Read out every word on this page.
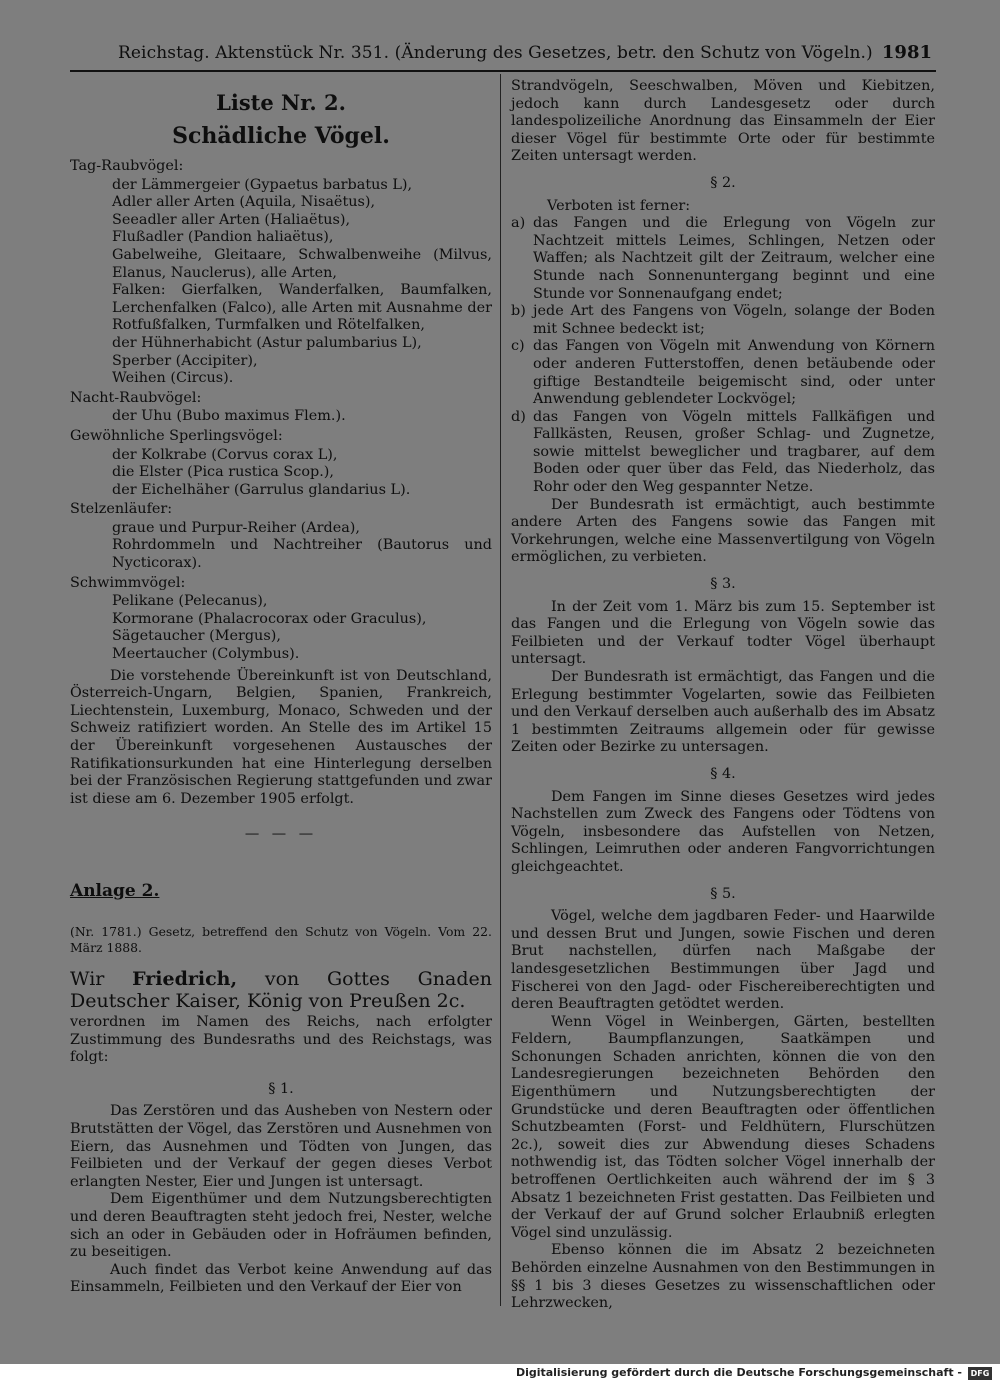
Reichstag. Aktenstück Nr. 351. (Änderung des Gesetzes, betr. den Schutz von Vögeln.) 1981
Liste Nr. 2.
Schädliche Vögel.
Tag-Raubvögel:
der Lämmergeier (Gypaetus barbatus L),
Adler aller Arten (Aquila, Nisaëtus),
Seeadler aller Arten (Haliaëtus),
Flußadler (Pandion haliaëtus),
Gabelweihe, Gleitaare, Schwalbenweihe (Milvus, Elanus, Nauclerus), alle Arten,
Falken: Gierfalken, Wanderfalken, Baumfalken, Lerchenfalken (Falco), alle Arten mit Ausnahme der Rotfußfalken, Turmfalken und Rötelfalken,
der Hühnerhabicht (Astur palumbarius L),
Sperber (Accipiter),
Weihen (Circus).
Nacht-Raubvögel:
der Uhu (Bubo maximus Flem.).
Gewöhnliche Sperlingsvögel:
der Kolkrabe (Corvus corax L),
die Elster (Pica rustica Scop.),
der Eichelhäher (Garrulus glandarius L).
Stelzenläufer:
graue und Purpur-Reiher (Ardea),
Rohrdommeln und Nachtreiher (Bautorus und Nycticorax).
Schwimmvögel:
Pelikane (Pelecanus),
Kormorane (Phalacrocorax oder Graculus),
Sägetaucher (Mergus),
Meertaucher (Colymbus).
Die vorstehende Übereinkunft ist von Deutschland, Österreich-Ungarn, Belgien, Spanien, Frankreich, Liechtenstein, Luxemburg, Monaco, Schweden und der Schweiz ratifiziert worden. An Stelle des im Artikel 15 der Übereinkunft vorgesehenen Austausches der Ratifikationsurkunden hat eine Hinterlegung derselben bei der Französischen Regierung stattgefunden und zwar ist diese am 6. Dezember 1905 erfolgt.
— — —
Anlage 2.
(Nr. 1781.) Gesetz, betreffend den Schutz von Vögeln. Vom 22. März 1888.
Wir Friedrich, von Gottes Gnaden Deutscher Kaiser, König von Preußen 2c.
verordnen im Namen des Reichs, nach erfolgter Zustimmung des Bundesraths und des Reichstags, was folgt:
§ 1.
Das Zerstören und das Ausheben von Nestern oder Brutstätten der Vögel, das Zerstören und Ausnehmen von Eiern, das Ausnehmen und Tödten von Jungen, das Feilbieten und der Verkauf der gegen dieses Verbot erlangten Nester, Eier und Jungen ist untersagt.
Dem Eigenthümer und dem Nutzungsberechtigten und deren Beauftragten steht jedoch frei, Nester, welche sich an oder in Gebäuden oder in Hofräumen befinden, zu beseitigen.
Auch findet das Verbot keine Anwendung auf das Einsammeln, Feilbieten und den Verkauf der Eier von
Strandvögeln, Seeschwalben, Möven und Kiebitzen, jedoch kann durch Landesgesetz oder durch landespolizeiliche Anordnung das Einsammeln der Eier dieser Vögel für bestimmte Orte oder für bestimmte Zeiten untersagt werden.
§ 2.
Verboten ist ferner:
a) das Fangen und die Erlegung von Vögeln zur Nachtzeit mittels Leimes, Schlingen, Netzen oder Waffen; als Nachtzeit gilt der Zeitraum, welcher eine Stunde nach Sonnenuntergang beginnt und eine Stunde vor Sonnenaufgang endet;
b) jede Art des Fangens von Vögeln, solange der Boden mit Schnee bedeckt ist;
c) das Fangen von Vögeln mit Anwendung von Körnern oder anderen Futterstoffen, denen betäubende oder giftige Bestandteile beigemischt sind, oder unter Anwendung geblendeter Lockvögel;
d) das Fangen von Vögeln mittels Fallkäfigen und Fallkästen, Reusen, großer Schlag- und Zugnetze, sowie mittelst beweglicher und tragbarer, auf dem Boden oder quer über das Feld, das Niederholz, das Rohr oder den Weg gespannter Netze.
Der Bundesrath ist ermächtigt, auch bestimmte andere Arten des Fangens sowie das Fangen mit Vorkehrungen, welche eine Massenvertilgung von Vögeln ermöglichen, zu verbieten.
§ 3.
In der Zeit vom 1. März bis zum 15. September ist das Fangen und die Erlegung von Vögeln sowie das Feilbieten und der Verkauf todter Vögel überhaupt untersagt.
Der Bundesrath ist ermächtigt, das Fangen und die Erlegung bestimmter Vogelarten, sowie das Feilbieten und den Verkauf derselben auch außerhalb des im Absatz 1 bestimmten Zeitraums allgemein oder für gewisse Zeiten oder Bezirke zu untersagen.
§ 4.
Dem Fangen im Sinne dieses Gesetzes wird jedes Nachstellen zum Zweck des Fangens oder Tödtens von Vögeln, insbesondere das Aufstellen von Netzen, Schlingen, Leimruthen oder anderen Fangvorrichtungen gleichgeachtet.
§ 5.
Vögel, welche dem jagdbaren Feder- und Haarwilde und dessen Brut und Jungen, sowie Fischen und deren Brut nachstellen, dürfen nach Maßgabe der landesgesetzlichen Bestimmungen über Jagd und Fischerei von den Jagd- oder Fischereiberechtigten und deren Beauftragten getödtet werden.
Wenn Vögel in Weinbergen, Gärten, bestellten Feldern, Baumpflanzungen, Saatkämpen und Schonungen Schaden anrichten, können die von den Landesregierungen bezeichneten Behörden den Eigenthümern und Nutzungsberechtigten der Grundstücke und deren Beauftragten oder öffentlichen Schutzbeamten (Forst- und Feldhütern, Flurschützen 2c.), soweit dies zur Abwendung dieses Schadens nothwendig ist, das Tödten solcher Vögel innerhalb der betroffenen Oertlichkeiten auch während der im § 3 Absatz 1 bezeichneten Frist gestatten. Das Feilbieten und der Verkauf der auf Grund solcher Erlaubniß erlegten Vögel sind unzulässig.
Ebenso können die im Absatz 2 bezeichneten Behörden einzelne Ausnahmen von den Bestimmungen in §§ 1 bis 3 dieses Gesetzes zu wissenschaftlichen oder Lehrzwecken,
Digitalisierung gefördert durch die Deutsche Forschungsgemeinschaft -	DFG
